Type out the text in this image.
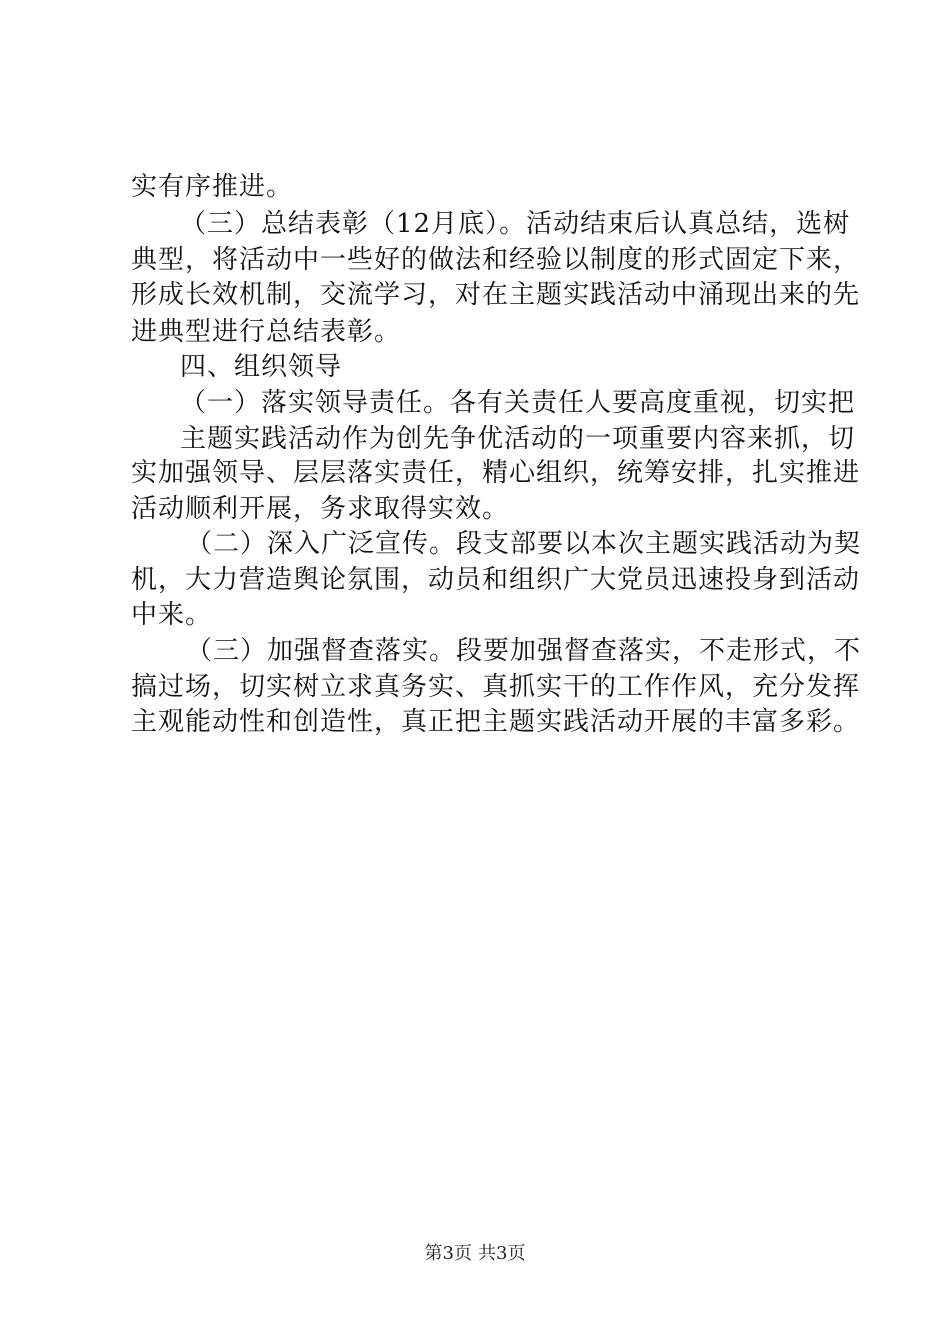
实有序推进。
（三）总结表彰（12月底）。活动结束后认真总结，选树
典型，将活动中一些好的做法和经验以制度的形式固定下来，
形成长效机制，交流学习，对在主题实践活动中涌现出来的先
进典型进行总结表彰。
四、组织领导
（一）落实领导责任。各有关责任人要高度重视，切实把
主题实践活动作为创先争优活动的一项重要内容来抓，切
实加强领导、层层落实责任，精心组织，统筹安排，扎实推进
活动顺利开展，务求取得实效。
（二）深入广泛宣传。段支部要以本次主题实践活动为契
机，大力营造舆论氛围，动员和组织广大党员迅速投身到活动
中来。
（三）加强督查落实。段要加强督查落实，不走形式，不
搞过场，切实树立求真务实、真抓实干的工作作风，充分发挥
主观能动性和创造性，真正把主题实践活动开展的丰富多彩。
第3页 共3页
